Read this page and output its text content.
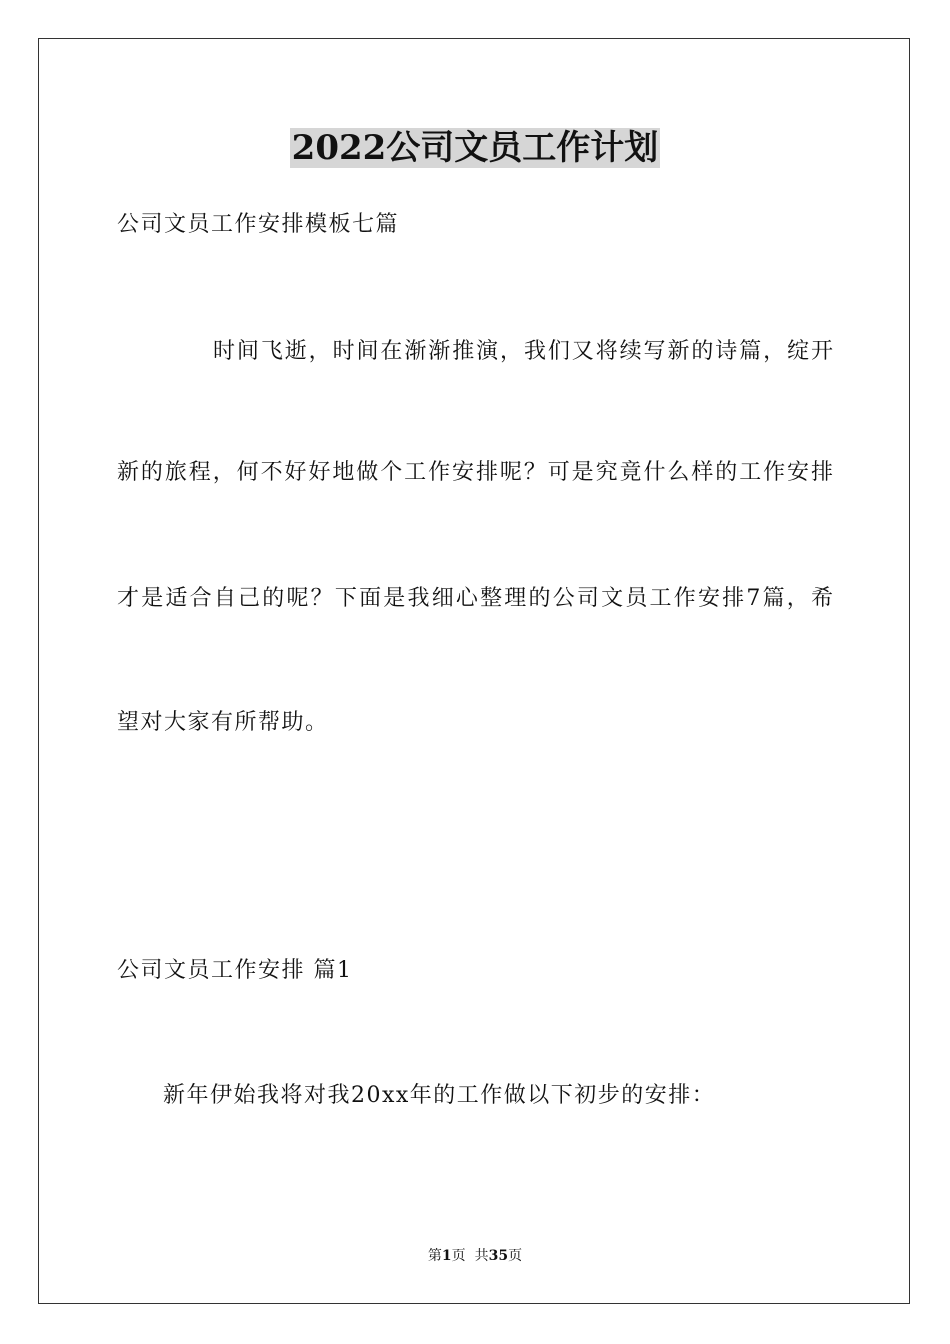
2022公司文员工作计划
公司文员工作安排模板七篇
时间飞逝，时间在渐渐推演，我们又将续写新的诗篇，绽开
新的旅程，何不好好地做个工作安排呢？可是究竟什么样的工作安排
才是适合自己的呢？下面是我细心整理的公司文员工作安排7篇，希
望对大家有所帮助。
公司文员工作安排 篇1
新年伊始我将对我20xx年的工作做以下初步的安排：
第1页  共35页
